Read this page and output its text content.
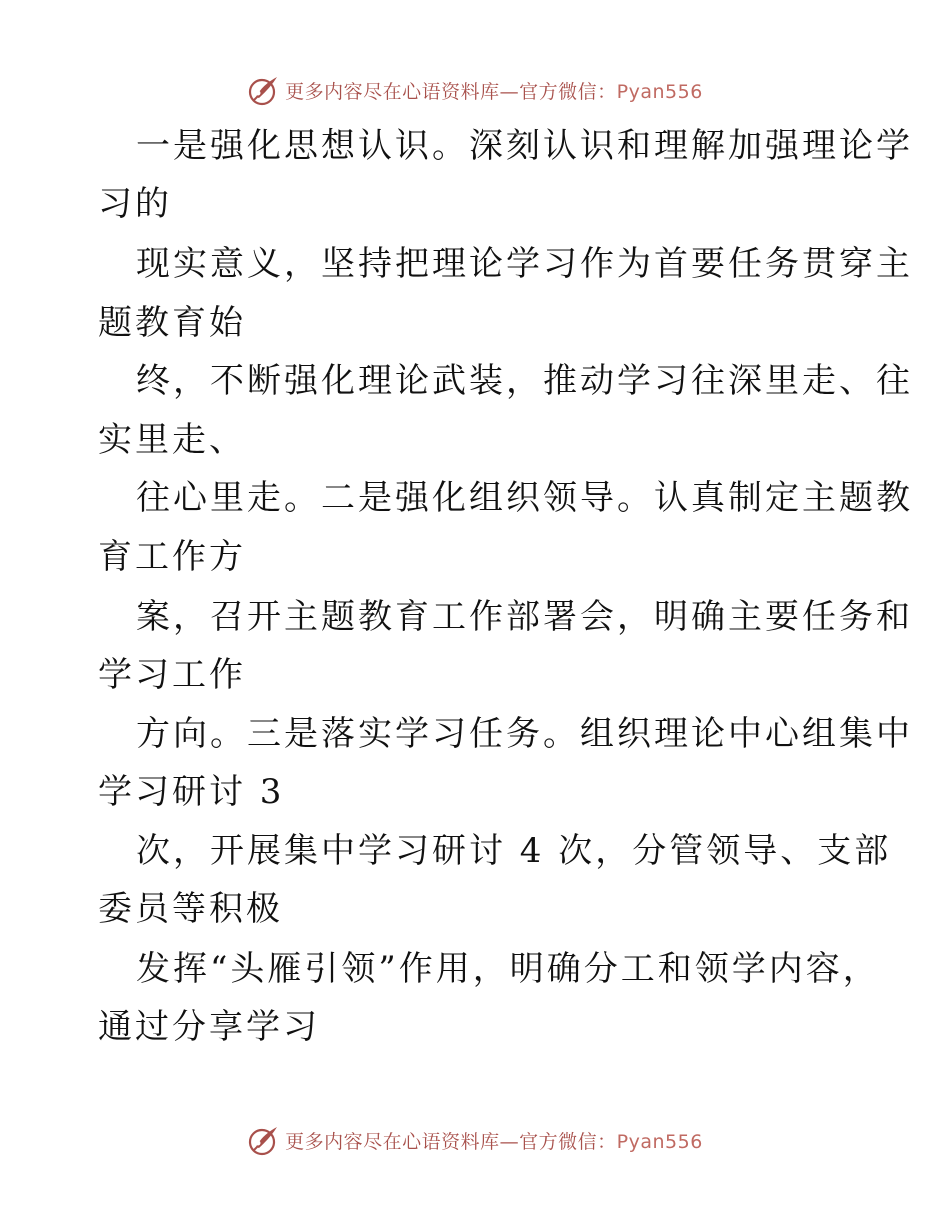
更多内容尽在心语资料库—官方微信：Pyan556
一是强化思想认识。深刻认识和理解加强理论学
习的
现实意义，坚持把理论学习作为首要任务贯穿主
题教育始
终，不断强化理论武装，推动学习往深里走、往
实里走、
往心里走。二是强化组织领导。认真制定主题教
育工作方
案，召开主题教育工作部署会，明确主要任务和
学习工作
方向。三是落实学习任务。组织理论中心组集中
学习研讨 3
次，开展集中学习研讨 4 次，分管领导、支部
委员等积极
发挥“头雁引领”作用，明确分工和领学内容，
通过分享学习
更多内容尽在心语资料库—官方微信：Pyan556
